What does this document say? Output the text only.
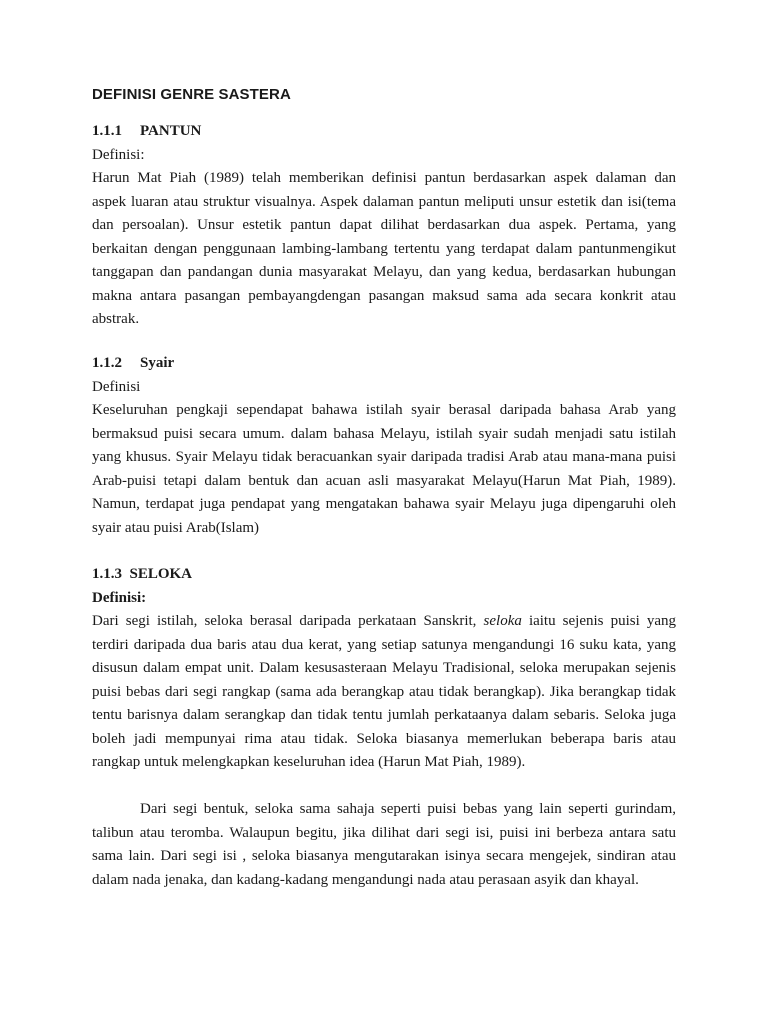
DEFINISI GENRE SASTERA
1.1.1 PANTUN
Definisi:
Harun Mat Piah (1989) telah memberikan definisi pantun berdasarkan aspek dalaman dan
aspek luaran atau struktur visualnya. Aspek dalaman pantun meliputi unsur estetik dan isi(tema
dan persoalan). Unsur estetik pantun dapat dilihat berdasarkan dua aspek. Pertama, yang
berkaitan dengan penggunaan lambing-lambang tertentu yang terdapat dalam pantunmengikut
tanggapan dan pandangan dunia masyarakat Melayu, dan yang kedua, berdasarkan hubungan
makna antara pasangan pembayangdengan pasangan maksud sama ada secara konkrit atau
abstrak.
1.1.2 Syair
Definisi
Keseluruhan pengkaji sependapat bahawa istilah syair berasal daripada bahasa Arab yang
bermaksud puisi secara umum. dalam bahasa Melayu, istilah syair sudah menjadi satu istilah
yang khusus. Syair Melayu tidak beracuankan syair daripada tradisi Arab atau mana-mana puisi
Arab-puisi tetapi dalam bentuk dan acuan asli masyarakat Melayu(Harun Mat Piah, 1989).
Namun, terdapat juga pendapat yang mengatakan bahawa syair Melayu juga dipengaruhi oleh
syair atau puisi Arab(Islam)
1.1.3 SELOKA
Definisi:
Dari segi istilah, seloka berasal daripada perkataan Sanskrit, seloka iaitu sejenis puisi yang
terdiri daripada dua baris atau dua kerat, yang setiap satunya mengandungi 16 suku kata, yang
disusun dalam empat unit. Dalam kesusasteraan Melayu Tradisional, seloka merupakan sejenis
puisi bebas dari segi rangkap (sama ada berangkap atau tidak berangkap). Jika berangkap tidak
tentu barisnya dalam serangkap dan tidak tentu jumlah perkataanya dalam sebaris. Seloka juga
boleh jadi mempunyai rima atau tidak. Seloka biasanya memerlukan beberapa baris atau
rangkap untuk melengkapkan keseluruhan idea (Harun Mat Piah, 1989).
Dari segi bentuk, seloka sama sahaja seperti puisi bebas yang lain seperti gurindam,
talibun atau teromba. Walaupun begitu, jika dilihat dari segi isi, puisi ini berbeza antara satu
sama lain. Dari segi isi , seloka biasanya mengutarakan isinya secara mengejek, sindiran atau
dalam nada jenaka, dan kadang-kadang mengandungi nada atau perasaan asyik dan khayal.
